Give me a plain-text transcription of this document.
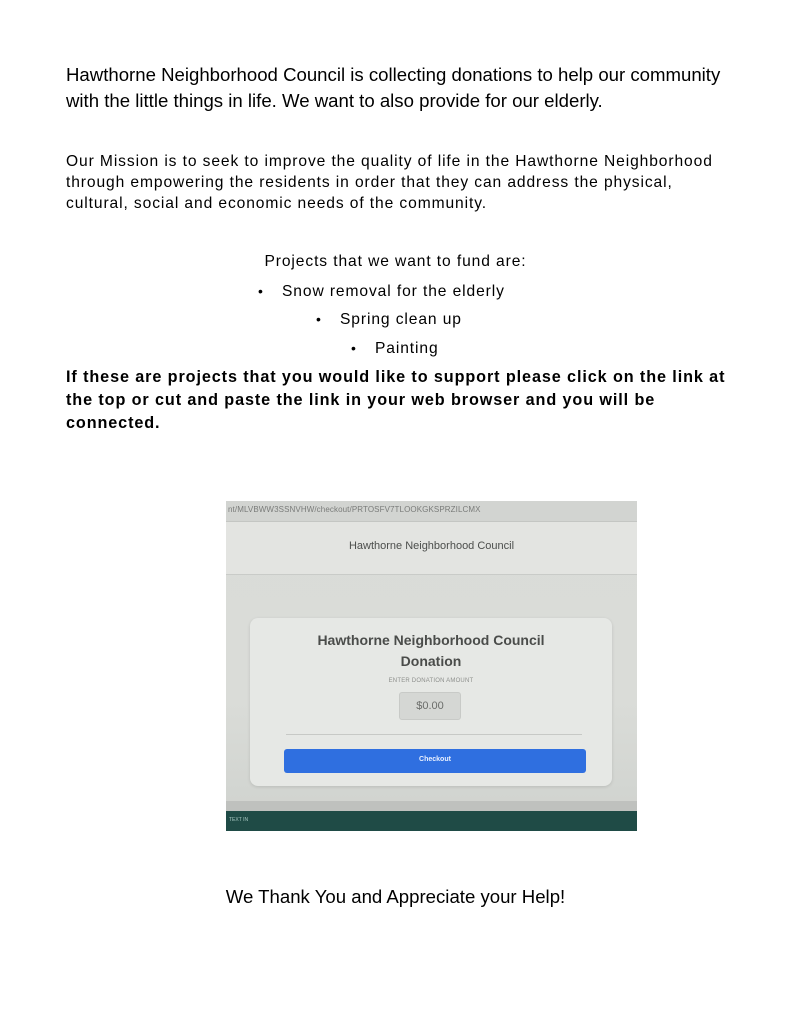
Hawthorne Neighborhood Council is collecting donations to help our community with the little things in life. We want to also provide for our elderly.

Our Mission is to seek to improve the quality of life in the Hawthorne Neighborhood through empowering the residents in order that they can address the physical, cultural, social and economic needs of the community.

Projects that we want to fund are:

• Snow removal for the elderly
• Spring clean up
• Painting

If these are projects that you would like to support please click on the link at the top or cut and paste the link in your web browser and you will be connected.

nt/MLVBWW3SSNVHW/checkout/PRTOSFV7TLOOKGKSPRZILCMX
Hawthorne Neighborhood Council
Hawthorne Neighborhood Council
Donation
ENTER DONATION AMOUNT
$0.00
Checkout
TEXT IN

We Thank You and Appreciate your Help!
